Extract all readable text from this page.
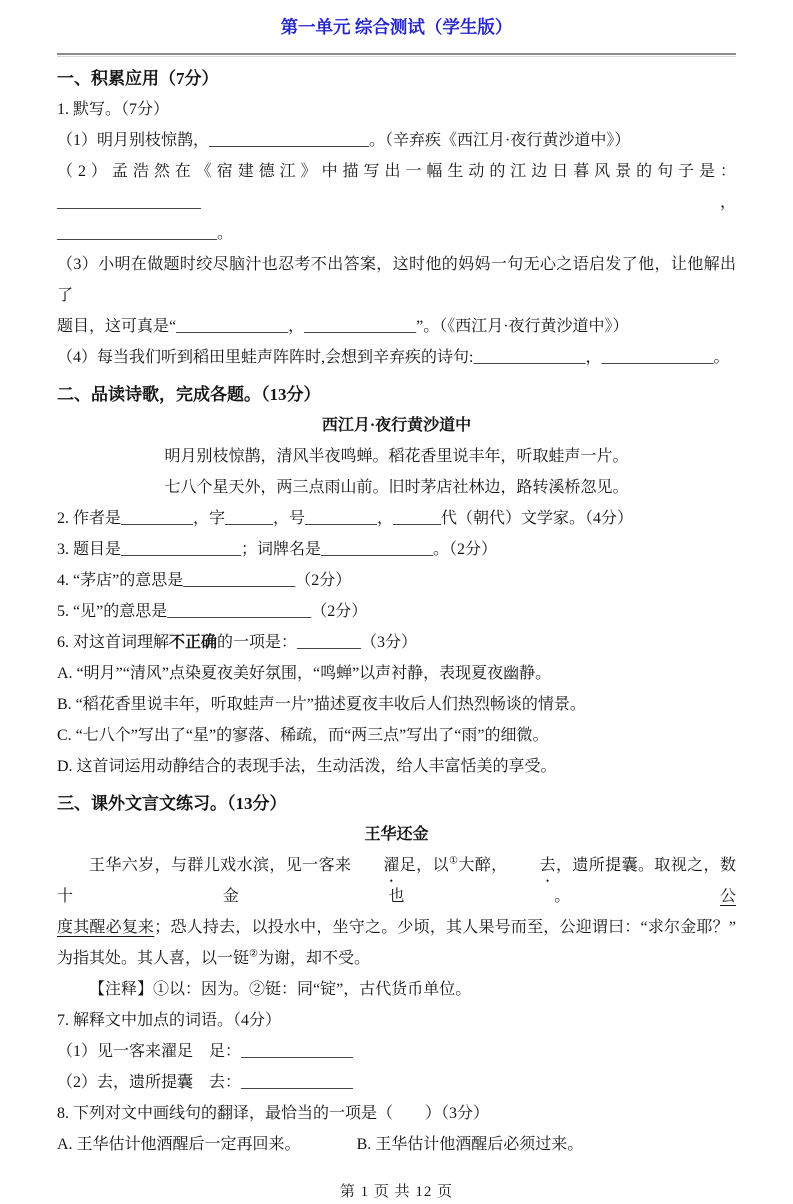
第一单元 综合测试（学生版）
一、积累应用（7分）
1. 默写。（7分）
（1）明月别枝惊鹊，____________________。（辛弃疾《西江月·夜行黄沙道中》）
（2）孟浩然在《宿建德江》中描写出一幅生动的江边日暮风景的句子是：__________________，
____________________。
（3）小明在做题时绞尽脑汁也忍考不出答案，这时他的妈妈一句无心之语启发了他，让他解出了
题目，这可真是“______________，______________”。（《西江月·夜行黄沙道中》）
（4）每当我们听到稻田里蛙声阵阵时,会想到辛弃疾的诗句:______________，______________。
二、品读诗歌，完成各题。（13分）
西江月·夜行黄沙道中
明月别枝惊鹊，清风半夜鸣蝉。稻花香里说丰年，听取蛙声一片。
七八个星天外，两三点雨山前。旧时茅店社林边，路转溪桥忽见。
2. 作者是_________，字______，号_________，______代（朝代）文学家。（4分）
3. 题目是_______________；词牌名是______________。（2分）
4. “茅店”的意思是______________（2分）
5. “见”的意思是__________________（2分）
6. 对这首词理解不正确的一项是：________（3分）
A. “明月”“清风”点染夏夜美好氛围，“鸣蝉”以声衬静，表现夏夜幽静。
B. “稻花香里说丰年，听取蛙声一片”描述夏夜丰收后人们热烈畅谈的情景。
C. “七八个”写出了“星”的寥落、稀疏，而“两三点”写出了“雨”的细微。
D. 这首词运用动静结合的表现手法，生动活泼，给人丰富恬美的享受。
三、课外文言文练习。（13分）
王华还金
王华六岁，与群儿戏水滨，见一客来 濯足，以①大醉， 去，遗所提囊。取视之，数十金也。公
度其醒必复来；恐人持去，以投水中，坐守之。少顷，其人果号而至，公迎谓曰：“求尔金耶？”
为指其处。其人喜，以一铤②为谢，却不受。
【注释】①以：因为。②铤：同“锭”，古代货币单位。
7. 解释文中加点的词语。（4分）
（1）见一客来濯足　足：______________
（2）去，遗所提囊　去：______________
8. 下列对文中画线句的翻译，最恰当的一项是（　　）（3分）
A. 王华估计他酒醒后一定再回来。	B. 王华估计他酒醒后必须过来。
第 1 页 共 12 页
